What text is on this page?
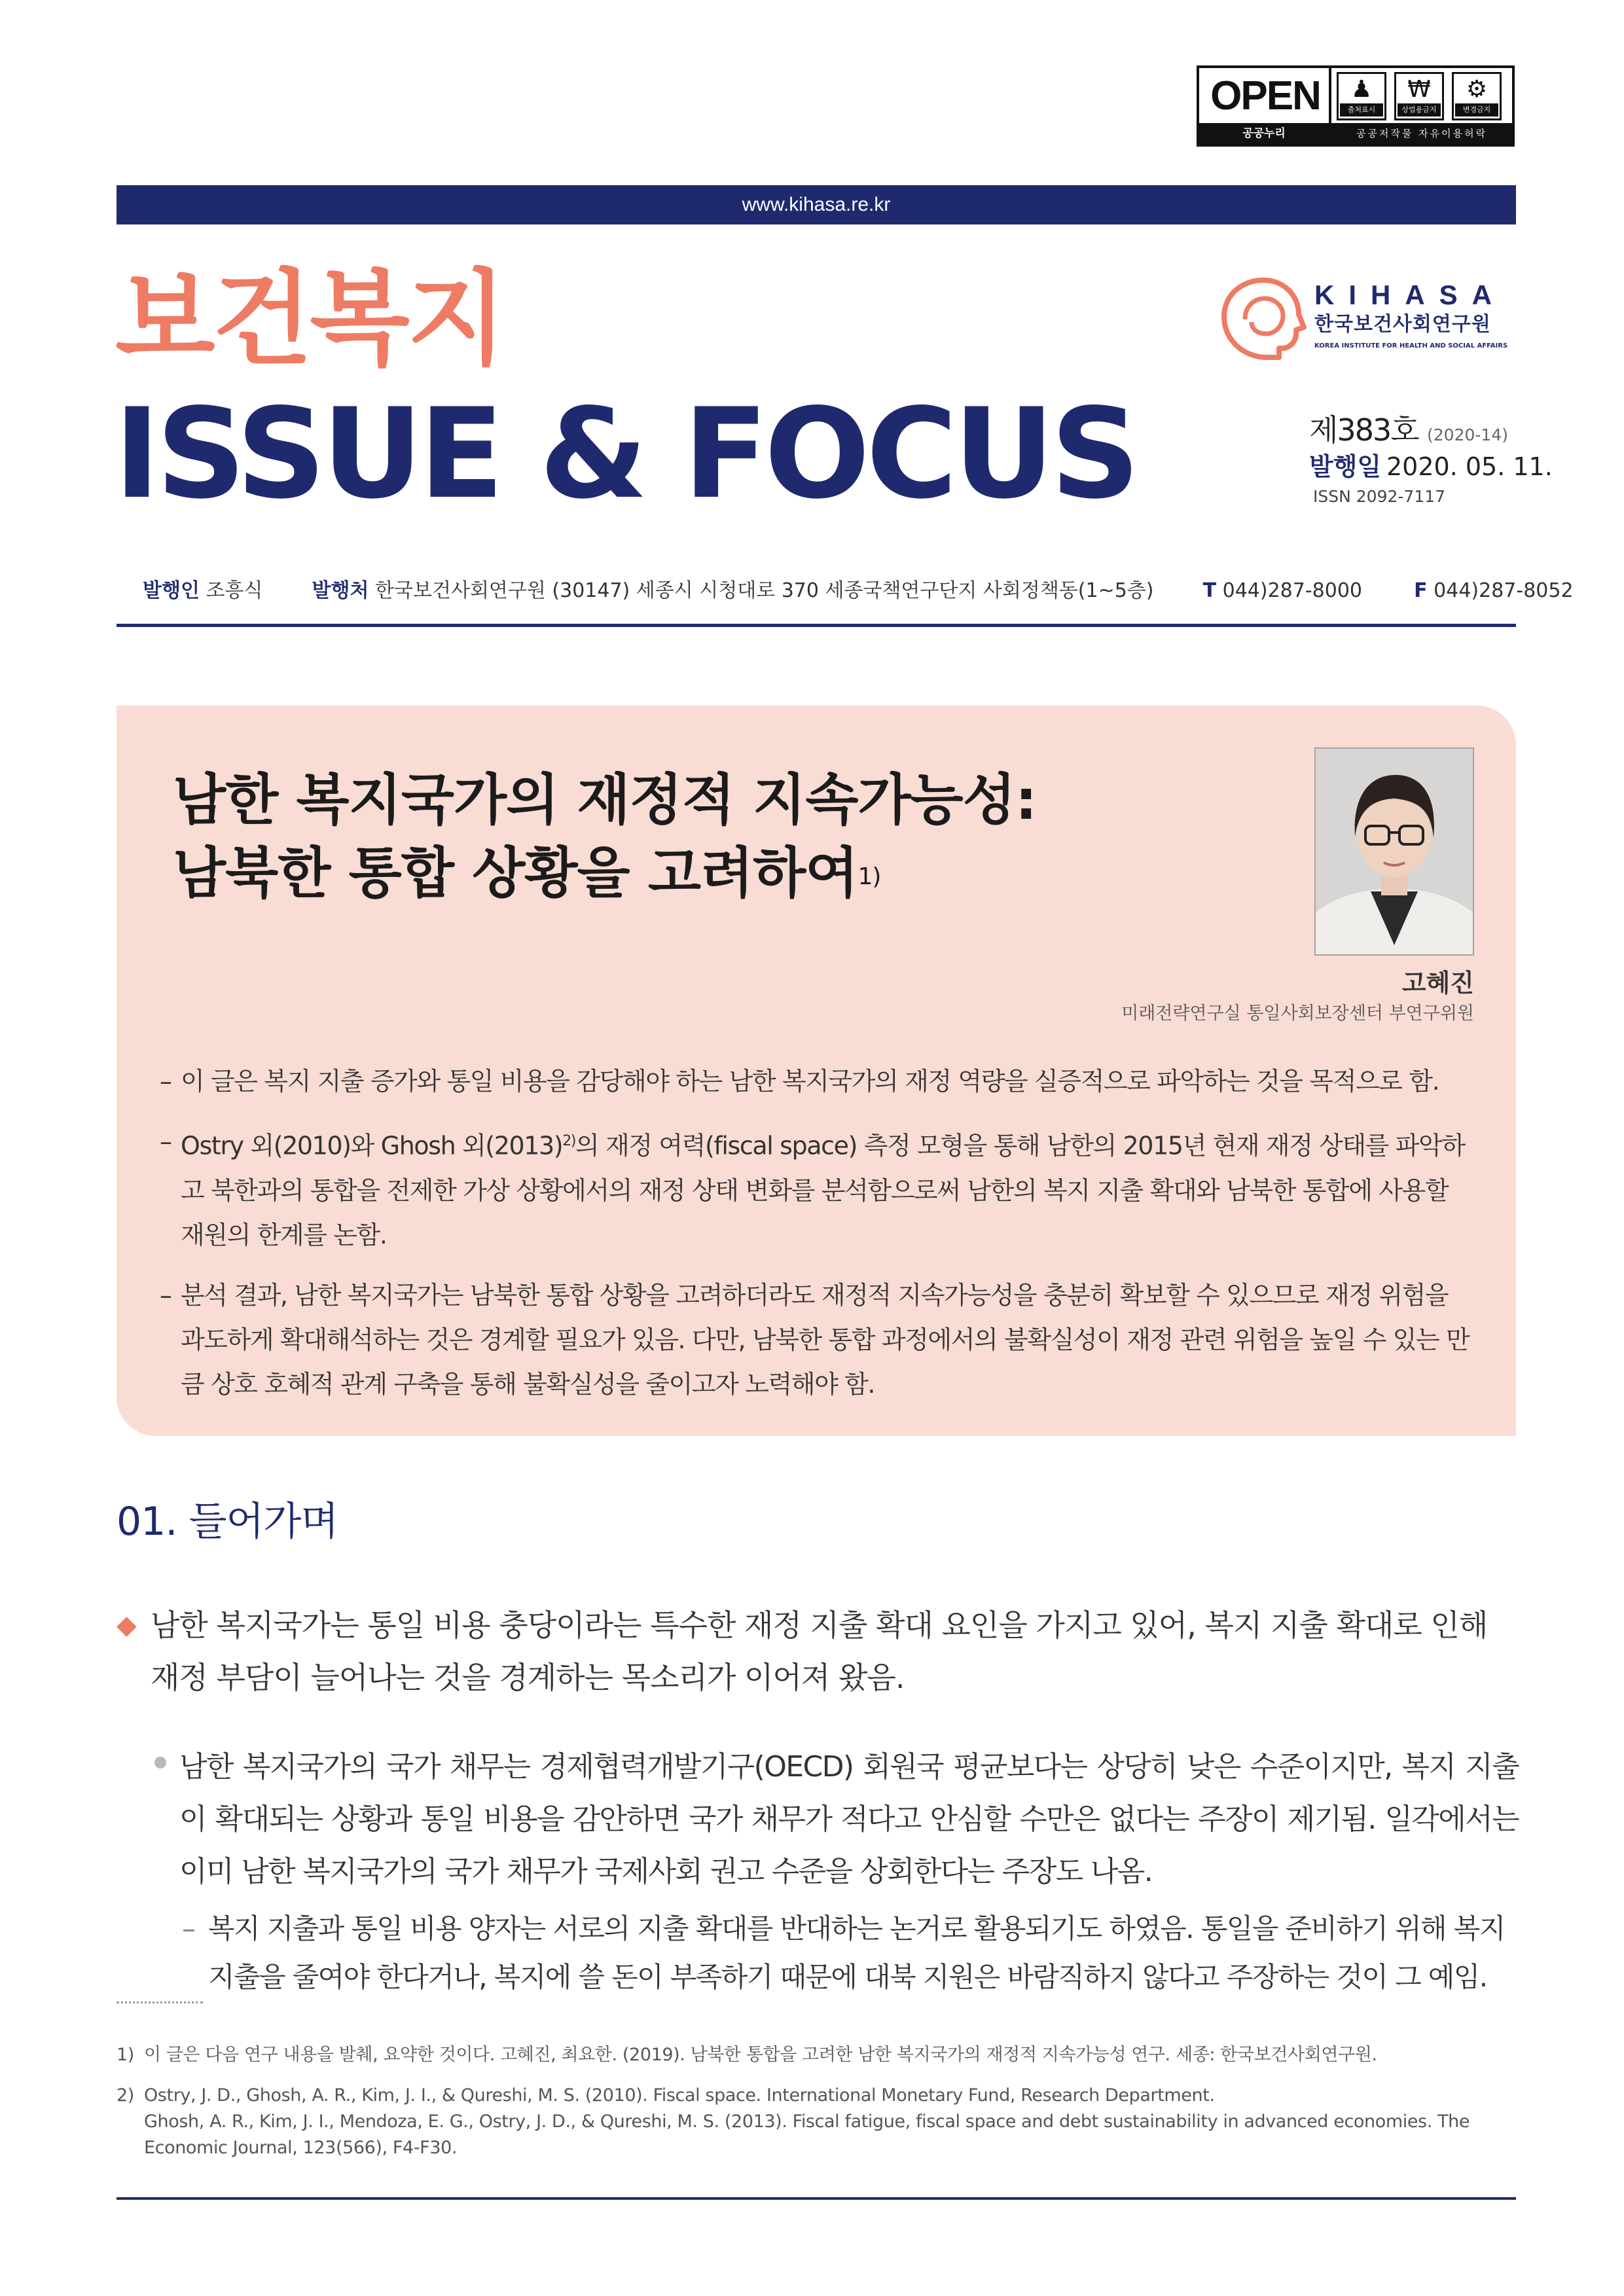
OPEN
공공누리
♟
출처표시
₩
상업용금지
⚙
변경금지
공공저작물 자유이용허락
www.kihasa.re.kr
보건복지
ISSUE & FOCUS
KIHASA
한국보건사회연구원
KOREA INSTITUTE FOR HEALTH AND SOCIAL AFFAIRS
제383호 (2020-14)
발행일 2020. 05. 11.
ISSN 2092-7117
발행인 조흥식	발행처 한국보건사회연구원 (30147) 세종시 시청대로 370 세종국책연구단지 사회정책동(1~5층)	T 044)287-8000	F 044)287-8052
남한 복지국가의 재정적 지속가능성:
남북한 통합 상황을 고려하여$^{1)}$
고혜진
미래전략연구실 통일사회보장센터 부연구위원
– 이 글은 복지 지출 증가와 통일 비용을 감당해야 하는 남한 복지국가의 재정 역량을 실증적으로 파악하는 것을 목적으로 함.
– Ostry 외(2010)와 Ghosh 외$(2013)^{2)}$의 재정 여력(fiscal space) 측정 모형을 통해 남한의 2015년 현재 재정 상태를 파악하고 북한과의 통합을 전제한 가상 상황에서의 재정 상태 변화를 분석함으로써 남한의 복지 지출 확대와 남북한 통합에 사용할 재원의 한계를 논함.
– 분석 결과, 남한 복지국가는 남북한 통합 상황을 고려하더라도 재정적 지속가능성을 충분히 확보할 수 있으므로 재정 위험을 과도하게 확대해석하는 것은 경계할 필요가 있음. 다만, 남북한 통합 과정에서의 불확실성이 재정 관련 위험을 높일 수 있는 만큼 상호 호혜적 관계 구축을 통해 불확실성을 줄이고자 노력해야 함.
01. 들어가며
◆ 남한 복지국가는 통일 비용 충당이라는 특수한 재정 지출 확대 요인을 가지고 있어, 복지 지출 확대로 인해 재정 부담이 늘어나는 것을 경계하는 목소리가 이어져 왔음.
남한 복지국가의 국가 채무는 경제협력개발기구(OECD) 회원국 평균보다는 상당히 낮은 수준이지만, 복지 지출이 확대되는 상황과 통일 비용을 감안하면 국가 채무가 적다고 안심할 수만은 없다는 주장이 제기됨. 일각에서는 이미 남한 복지국가의 국가 채무가 국제사회 권고 수준을 상회한다는 주장도 나옴.
– 복지 지출과 통일 비용 양자는 서로의 지출 확대를 반대하는 논거로 활용되기도 하였음. 통일을 준비하기 위해 복지 지출을 줄여야 한다거나, 복지에 쓸 돈이 부족하기 때문에 대북 지원은 바람직하지 않다고 주장하는 것이 그 예임.
1) 이 글은 다음 연구 내용을 발췌, 요약한 것이다. 고혜진, 최요한. (2019). 남북한 통합을 고려한 남한 복지국가의 재정적 지속가능성 연구. 세종: 한국보건사회연구원.
2) Ostry, J. D., Ghosh, A. R., Kim, J. I., & Qureshi, M. S. (2010). Fiscal space. International Monetary Fund, Research Department.
Ghosh, A. R., Kim, J. I., Mendoza, E. G., Ostry, J. D., & Qureshi, M. S. (2013). Fiscal fatigue, fiscal space and debt sustainability in advanced economies. The Economic Journal, 123(566), F4-F30.
